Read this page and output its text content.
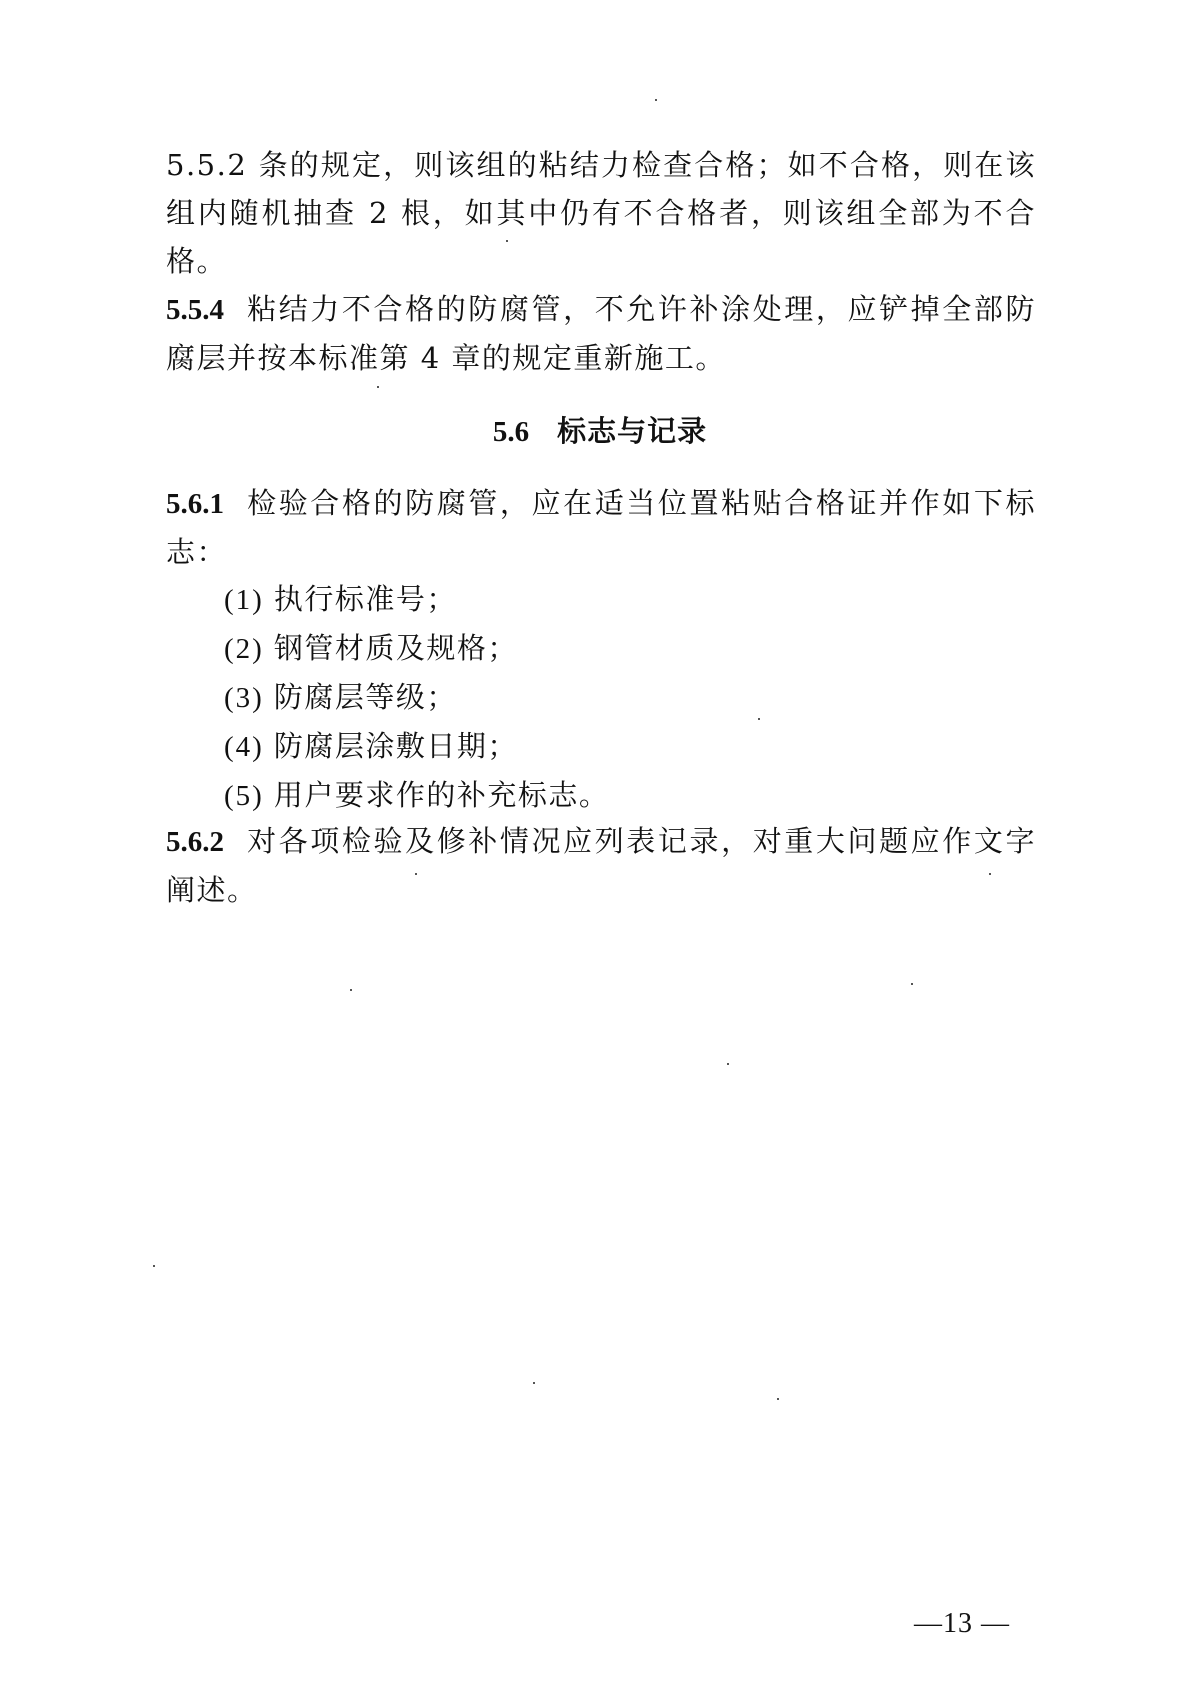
5.5.2 条的规定，则该组的粘结力检查合格；如不合格，则在该组内随机抽查 2 根，如其中仍有不合格者，则该组全部为不合格。

5.5.4 粘结力不合格的防腐管，不允许补涂处理，应铲掉全部防腐层并按本标准第 4 章的规定重新施工。

5.6 标志与记录

5.6.1 检验合格的防腐管，应在适当位置粘贴合格证并作如下标志：

(1) 执行标准号；
(2) 钢管材质及规格；
(3) 防腐层等级；
(4) 防腐层涂敷日期；
(5) 用户要求作的补充标志。

5.6.2 对各项检验及修补情况应列表记录，对重大问题应作文字阐述。

—13 —
